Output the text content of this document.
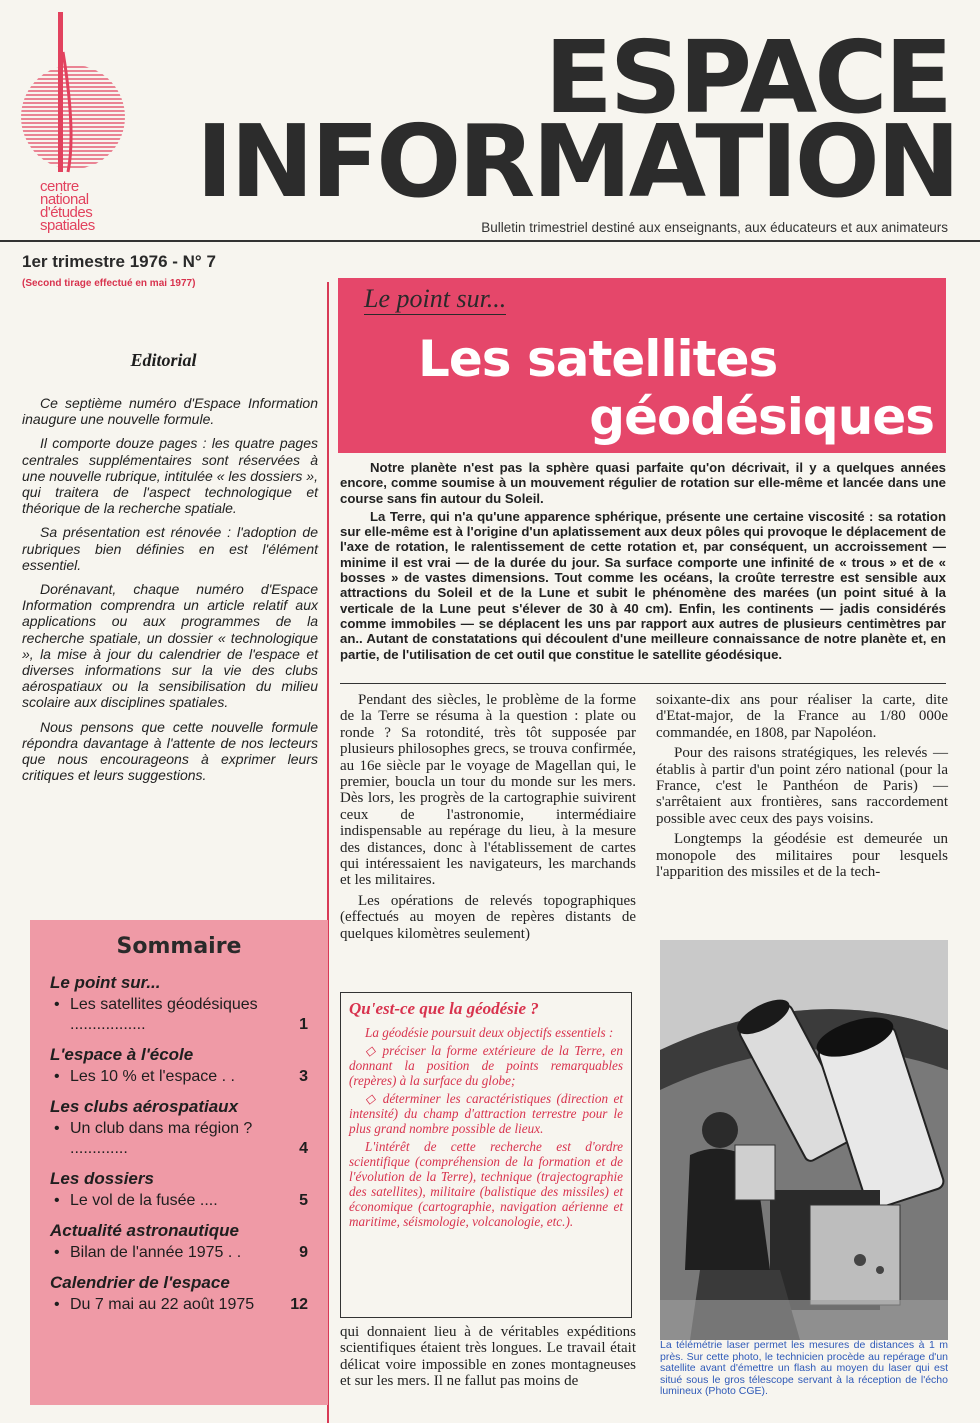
centre
national
d'études
spatiales
ESPACE
INFORMATION
Bulletin trimestriel destiné aux enseignants, aux éducateurs et aux animateurs
1er trimestre 1976 - N° 7
(Second tirage effectué en mai 1977)
Editorial

Ce septième numéro d'Espace Information inaugure une nouvelle formule.

Il comporte douze pages : les quatre pages centrales supplémentaires sont réservées à une nouvelle rubrique, intitulée « les dossiers », qui traitera de l'aspect technologique et théorique de la recherche spatiale.

Sa présentation est rénovée : l'adoption de rubriques bien définies en est l'élément essentiel.

Dorénavant, chaque numéro d'Espace Information comprendra un article relatif aux applications ou aux programmes de la recherche spatiale, un dossier « technologique », la mise à jour du calendrier de l'espace et diverses informations sur la vie des clubs aérospatiaux ou la sensibilisation du milieu scolaire aux disciplines spatiales.

Nous pensons que cette nouvelle formule répondra davantage à l'attente de nos lecteurs que nous encourageons à exprimer leurs critiques et leurs suggestions.

Sommaire
Le point sur...
• Les satellites géodésiques .................	1
L'espace à l'école
• Les 10 % et l'espace . .	3
Les clubs aérospatiaux
• Un club dans ma région ? .............	4
Les dossiers
• Le vol de la fusée ....	5
Actualité astronautique
• Bilan de l'année 1975 . .	9
Calendrier de l'espace
• Du 7 mai au 22 août 1975 12
Le point sur...
Les satellites
géodésiques

Notre planète n'est pas la sphère quasi parfaite qu'on décrivait, il y a quelques années encore, comme soumise à un mouvement régulier de rotation sur elle-même et lancée dans une course sans fin autour du Soleil.

La Terre, qui n'a qu'une apparence sphérique, présente une certaine viscosité : sa rotation sur elle-même est à l'origine d'un aplatissement aux deux pôles qui provoque le déplacement de l'axe de rotation, le ralentissement de cette rotation et, par conséquent, un accroissement — minime il est vrai — de la durée du jour. Sa surface comporte une infinité de « trous » et de « bosses » de vastes dimensions. Tout comme les océans, la croûte terrestre est sensible aux attractions du Soleil et de la Lune et subit le phénomène des marées (un point situé à la verticale de la Lune peut s'élever de 30 à 40 cm). Enfin, les continents — jadis considérés comme immobiles — se déplacent les uns par rapport aux autres de plusieurs centimètres par an.. Autant de constatations qui découlent d'une meilleure connaissance de notre planète et, en partie, de l'utilisation de cet outil que constitue le satellite géodésique.

Pendant des siècles, le problème de la forme de la Terre se résuma à la question : plate ou ronde ? Sa rotondité, très tôt supposée par plusieurs philosophes grecs, se trouva confirmée, au 16e siècle par le voyage de Magellan qui, le premier, boucla un tour du monde sur les mers. Dès lors, les progrès de la cartographie suivirent ceux de l'astronomie, intermédiaire indispensable au repérage du lieu, à la mesure des distances, donc à l'établissement de cartes qui intéressaient les navigateurs, les marchands et les militaires.

Les opérations de relevés topographiques (effectués au moyen de repères distants de quelques kilomètres seulement)

Qu'est-ce que la géodésie ?

La géodésie poursuit deux objectifs essentiels :

◇ préciser la forme extérieure de la Terre, en donnant la position de points remarquables (repères) à la surface du globe;

◇ déterminer les caractéristiques (direction et intensité) du champ d'attraction terrestre pour le plus grand nombre possible de lieux.

L'intérêt de cette recherche est d'ordre scientifique (compréhension de la formation et de l'évolution de la Terre), technique (trajectographie des satellites), militaire (balistique des missiles) et économique (cartographie, navigation aérienne et maritime, séismologie, volcanologie, etc.).

qui donnaient lieu à de véritables expéditions scientifiques étaient très longues. Le travail était délicat voire impossible en zones montagneuses et sur les mers. Il ne fallut pas moins de

soixante-dix ans pour réaliser la carte, dite d'Etat-major, de la France au 1/80 000e commandée, en 1808, par Napoléon.

Pour des raisons stratégiques, les relevés — établis à partir d'un point zéro national (pour la France, c'est le Panthéon de Paris) — s'arrêtaient aux frontières, sans raccordement possible avec ceux des pays voisins.

Longtemps la géodésie est demeurée un monopole des militaires pour lesquels l'apparition des missiles et de la tech-

La télémétrie laser permet les mesures de distances à 1 m près. Sur cette photo, le technicien procède au repérage d'un satellite avant d'émettre un flash au moyen du laser qui est situé sous le gros télescope servant à la réception de l'écho lumineux (Photo CGE).
